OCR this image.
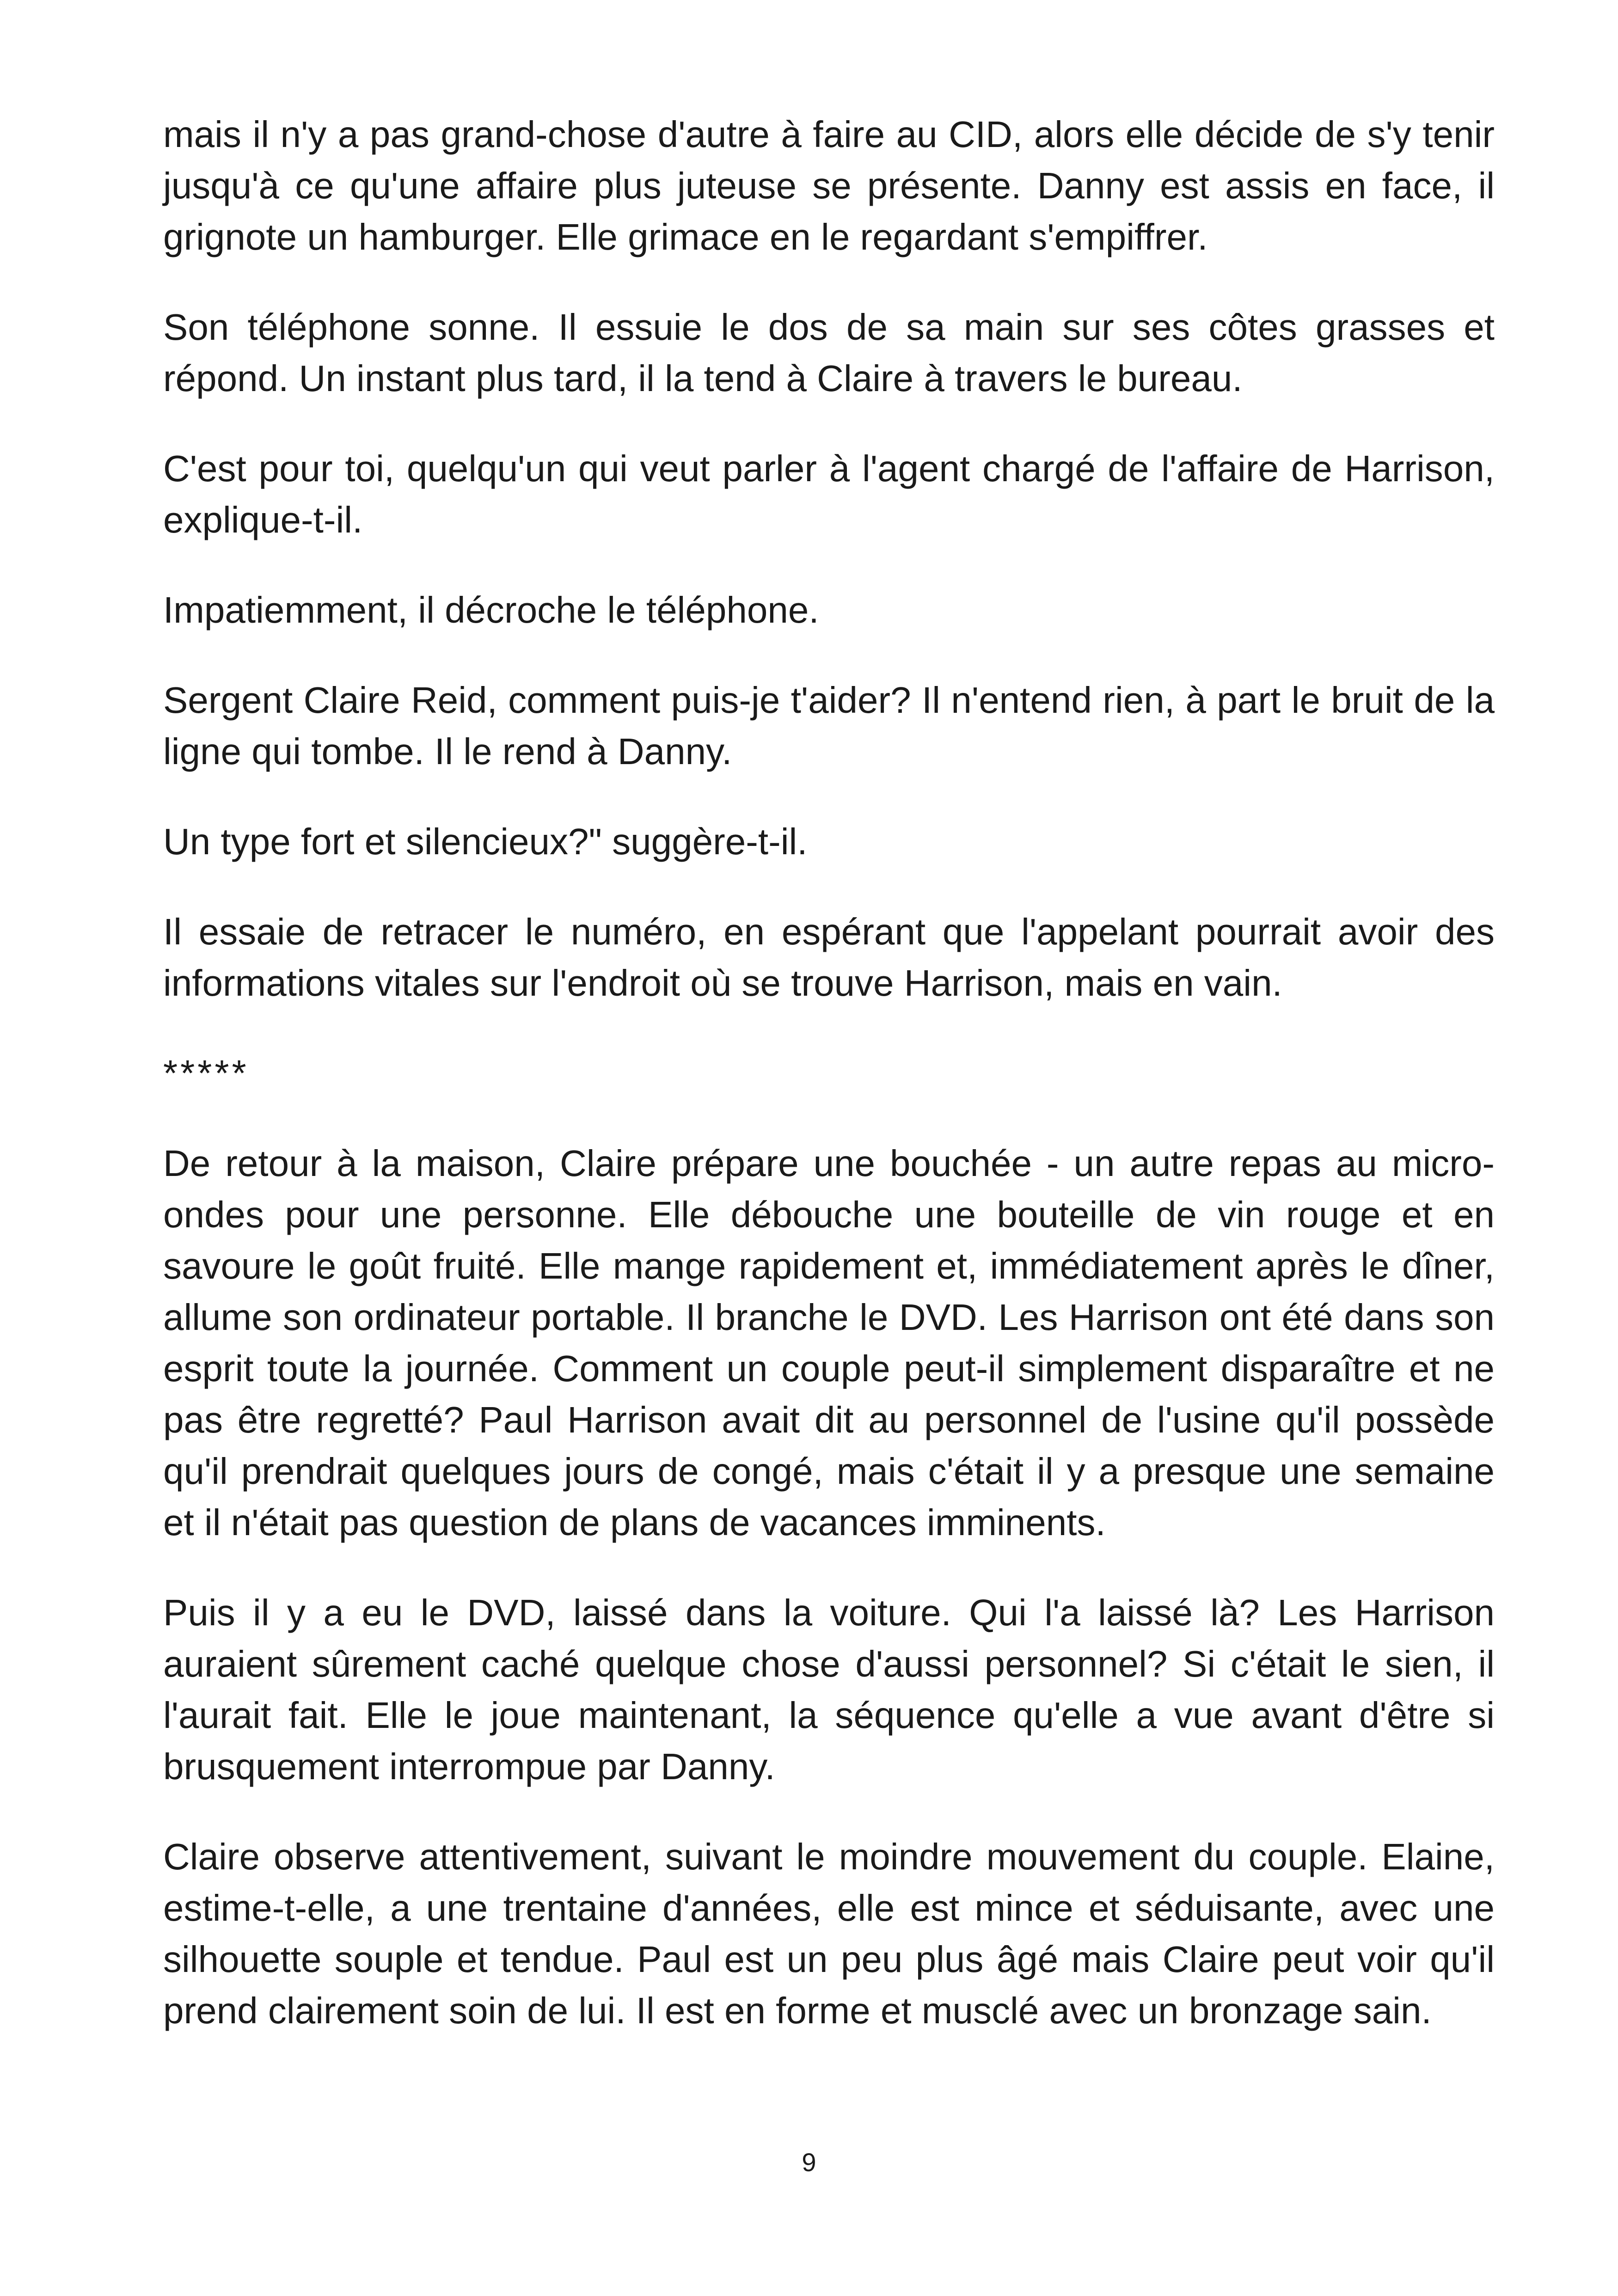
mais il n'y a pas grand-chose d'autre à faire au CID, alors elle décide de s'y tenir jusqu'à ce qu'une affaire plus juteuse se présente. Danny est assis en face, il grignote un hamburger. Elle grimace en le regardant s'empiffrer.

Son téléphone sonne. Il essuie le dos de sa main sur ses côtes grasses et répond. Un instant plus tard, il la tend à Claire à travers le bureau.

C'est pour toi, quelqu'un qui veut parler à l'agent chargé de l'affaire de Harrison, explique-t-il.

Impatiemment, il décroche le téléphone.

Sergent Claire Reid, comment puis-je t'aider? Il n'entend rien, à part le bruit de la ligne qui tombe. Il le rend à Danny.

Un type fort et silencieux?" suggère-t-il.

Il essaie de retracer le numéro, en espérant que l'appelant pourrait avoir des informations vitales sur l'endroit où se trouve Harrison, mais en vain.

*****

De retour à la maison, Claire prépare une bouchée - un autre repas au micro-ondes pour une personne. Elle débouche une bouteille de vin rouge et en savoure le goût fruité. Elle mange rapidement et, immédiatement après le dîner, allume son ordinateur portable. Il branche le DVD. Les Harrison ont été dans son esprit toute la journée. Comment un couple peut-il simplement disparaître et ne pas être regretté? Paul Harrison avait dit au personnel de l'usine qu'il possède qu'il prendrait quelques jours de congé, mais c'était il y a presque une semaine et il n'était pas question de plans de vacances imminents.

Puis il y a eu le DVD, laissé dans la voiture. Qui l'a laissé là? Les Harrison auraient sûrement caché quelque chose d'aussi personnel? Si c'était le sien, il l'aurait fait. Elle le joue maintenant, la séquence qu'elle a vue avant d'être si brusquement interrompue par Danny.

Claire observe attentivement, suivant le moindre mouvement du couple. Elaine, estime-t-elle, a une trentaine d'années, elle est mince et séduisante, avec une silhouette souple et tendue. Paul est un peu plus âgé mais Claire peut voir qu'il prend clairement soin de lui. Il est en forme et musclé avec un bronzage sain.

9
